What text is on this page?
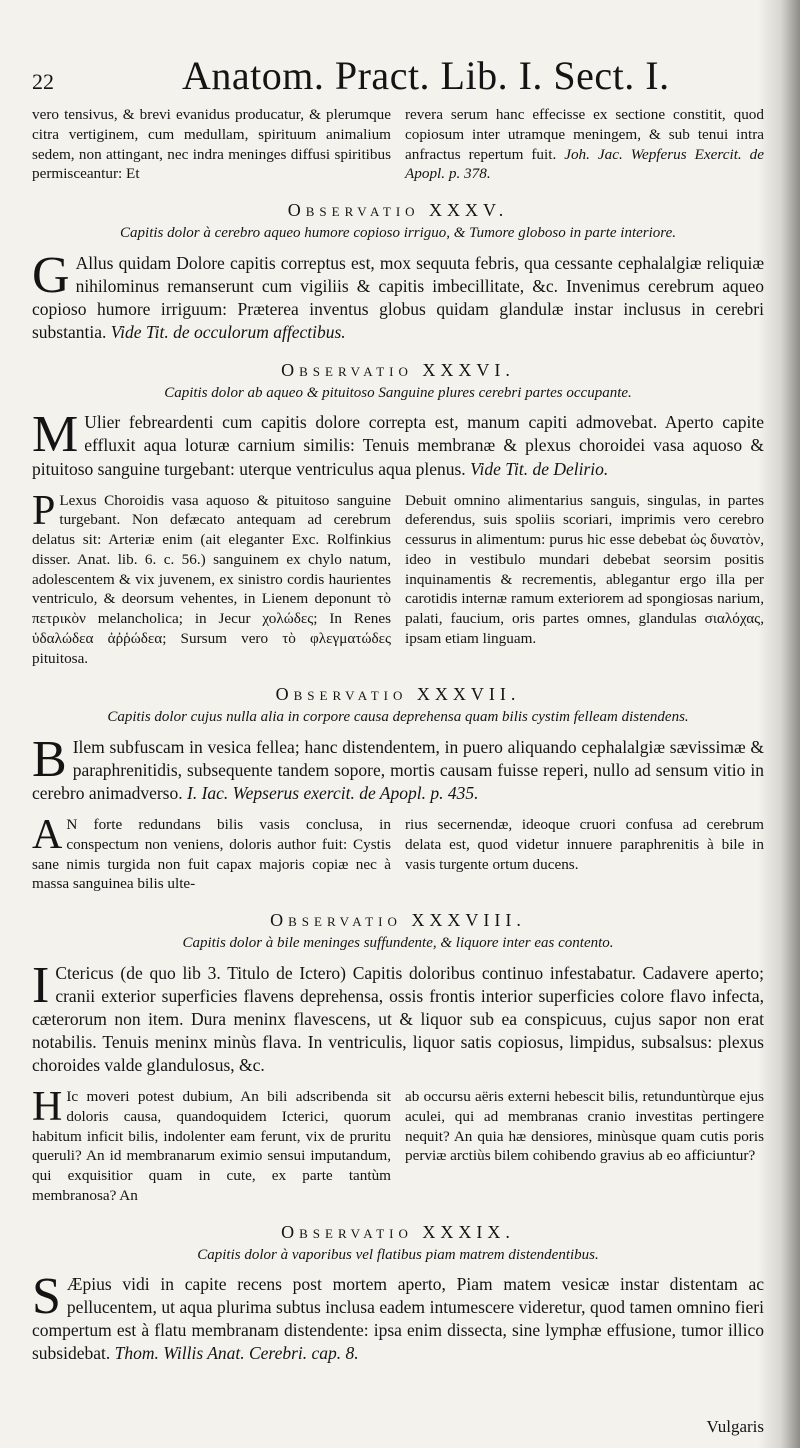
22	Anatom. Pract. Lib. I. Sect. I.
vero tensivus, & brevi evanidus producatur, & plerumque citra vertiginem, cum medullam, spirituum animalium sedem, non attingant, nec indra meninges diffusi spiritibus permisceantur: Et
revera serum hanc effecisse ex sectione constitit, quod copiosum inter utramque meningem, & sub tenui intra anfractus repertum fuit. Joh. Jac. Wepferus Exercit. de Apopl. p. 378.
Observatio XXXV.
Capitis dolor à cerebro aqueo humore copioso irriguo, & Tumore globoso in parte interiore.

G Allus quidam Dolore capitis correptus est, mox sequuta febris, qua cessante cephalalgiæ reliquiæ nihilominus remanserunt cum vigiliis & capitis imbecillitate, &c. Invenimus cerebrum aqueo copioso humore irriguum: Præterea inventus globus quidam glandulæ instar inclusus in cerebri substantia. Vide Tit. de occulorum affectibus.

Observatio XXXVI.
Capitis dolor ab aqueo & pituitoso Sanguine plures cerebri partes occupante.

M Ulier febreardenti cum capitis dolore correpta est, manum capiti admovebat. Aperto capite effluxit aqua loturæ carnium similis: Tenuis membranæ & plexus choroidei vasa aquoso & pituitoso sanguine turgebant: uterque ventriculus aqua plenus. Vide Tit. de Delirio.

P Lexus Choroidis vasa aquoso & pituitoso sanguine turgebant. Non defæcato antequam ad cerebrum delatus sit: Arteriæ enim (ait eleganter Exc. Rolfinkius disser. Anat. lib. 6. c. 56.) sanguinem ex chylo natum, adolescentem & vix juvenem, ex sinistro cordis haurientes ventriculo, & deorsum vehentes, in Lienem deponunt τὸ πετρικὸν melancholica; in Jecur χολώδες; In Renes ὑδαλώδεα ἀῤῥώδεα; Sursum vero τὸ φλεγματώδες pituitosa.
Debuit omnino alimentarius sanguis, singulas, in partes deferendus, suis spoliis scoriari, imprimis vero cerebro cessurus in alimentum: purus hic esse debebat ὡς δυνατὸν, ideo in vestibulo mundari debebat seorsim positis inquinamentis & recrementis, ablegantur ergo illa per carotidis internæ ramum exteriorem ad spongiosas narium, palati, faucium, oris partes omnes, glandulas σιαλόχας, ipsam etiam linguam.
Observatio XXXVII.
Capitis dolor cujus nulla alia in corpore causa deprehensa quam bilis cystim felleam distendens.

B Ilem subfuscam in vesica fellea; hanc distendentem, in puero aliquando cephalalgiæ sævissimæ & paraphrenitidis, subsequente tandem sopore, mortis causam fuisse reperi, nullo ad sensum vitio in cerebro animadverso. I. Iac. Wepserus exercit. de Apopl. p. 435.

A N forte redundans bilis vasis conclusa, in conspectum non veniens, doloris author fuit: Cystis sane nimis turgida non fuit capax majoris copiæ nec à massa sanguinea bilis ulte-
rius secernendæ, ideoque cruori confusa ad cerebrum delata est, quod videtur innuere paraphrenitis à bile in vasis turgente ortum ducens.
Observatio XXXVIII.
Capitis dolor à bile meninges suffundente, & liquore inter eas contento.

I Ctericus (de quo lib 3. Titulo de Ictero) Capitis doloribus continuo infestabatur. Cadavere aperto; cranii exterior superficies flavens deprehensa, ossis frontis interior superficies colore flavo infecta, cæterorum non item. Dura meninx flavescens, ut & liquor sub ea conspicuus, cujus sapor non erat notabilis. Tenuis meninx minùs flava. In ventriculis, liquor satis copiosus, limpidus, subsalsus: plexus choroides valde glandulosus, &c.

H Ic moveri potest dubium, An bili adscribenda sit doloris causa, quandoquidem Icterici, quorum habitum inficit bilis, indolenter eam ferunt, vix de pruritu queruli? An id membranarum eximio sensui imputandum, qui exquisitior quam in cute, ex parte tantùm membranosa? An
ab occursu aëris externi hebescit bilis, retunduntùrque ejus aculei, qui ad membranas cranio investitas pertingere nequit? An quia hæ densiores, minùsque quam cutis poris perviæ arctiùs bilem cohibendo gravius ab eo afficiuntur?
Observatio XXXIX.
Capitis dolor à vaporibus vel flatibus piam matrem distendentibus.

S Æpius vidi in capite recens post mortem aperto, Piam matem vesicæ instar distentam ac pellucentem, ut aqua plurima subtus inclusa eadem intumescere videretur, quod tamen omnino fieri compertum est à flatu membranam distendente: ipsa enim dissecta, sine lymphæ effusione, tumor illico subsidebat. Thom. Willis Anat. Cerebri. cap. 8.

Vulgaris
